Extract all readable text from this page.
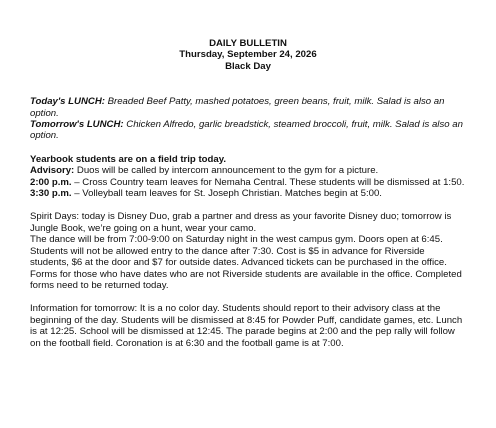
DAILY BULLETIN
Thursday, September 24, 2026
Black Day

Today's LUNCH: Breaded Beef Patty, mashed potatoes, green beans, fruit, milk. Salad is also an option.

Tomorrow's LUNCH: Chicken Alfredo, garlic breadstick, steamed broccoli, fruit, milk. Salad is also an option.

Yearbook students are on a field trip today.

Advisory: Duos will be called by intercom announcement to the gym for a picture.

2:00 p.m. – Cross Country team leaves for Nemaha Central. These students will be dismissed at 1:50.

3:30 p.m. – Volleyball team leaves for St. Joseph Christian. Matches begin at 5:00.

Spirit Days: today is Disney Duo, grab a partner and dress as your favorite Disney duo; tomorrow is Jungle Book, we’re going on a hunt, wear your camo.

The dance will be from 7:00-9:00 on Saturday night in the west campus gym. Doors open at 6:45. Students will not be allowed entry to the dance after 7:30. Cost is $5 in advance for Riverside students, $6 at the door and $7 for outside dates. Advanced tickets can be purchased in the office. Forms for those who have dates who are not Riverside students are available in the office. Completed forms need to be returned today.

Information for tomorrow: It is a no color day. Students should report to their advisory class at the beginning of the day. Students will be dismissed at 8:45 for Powder Puff, candidate games, etc. Lunch is at 12:25. School will be dismissed at 12:45. The parade begins at 2:00 and the pep rally will follow on the football field. Coronation is at 6:30 and the football game is at 7:00.
